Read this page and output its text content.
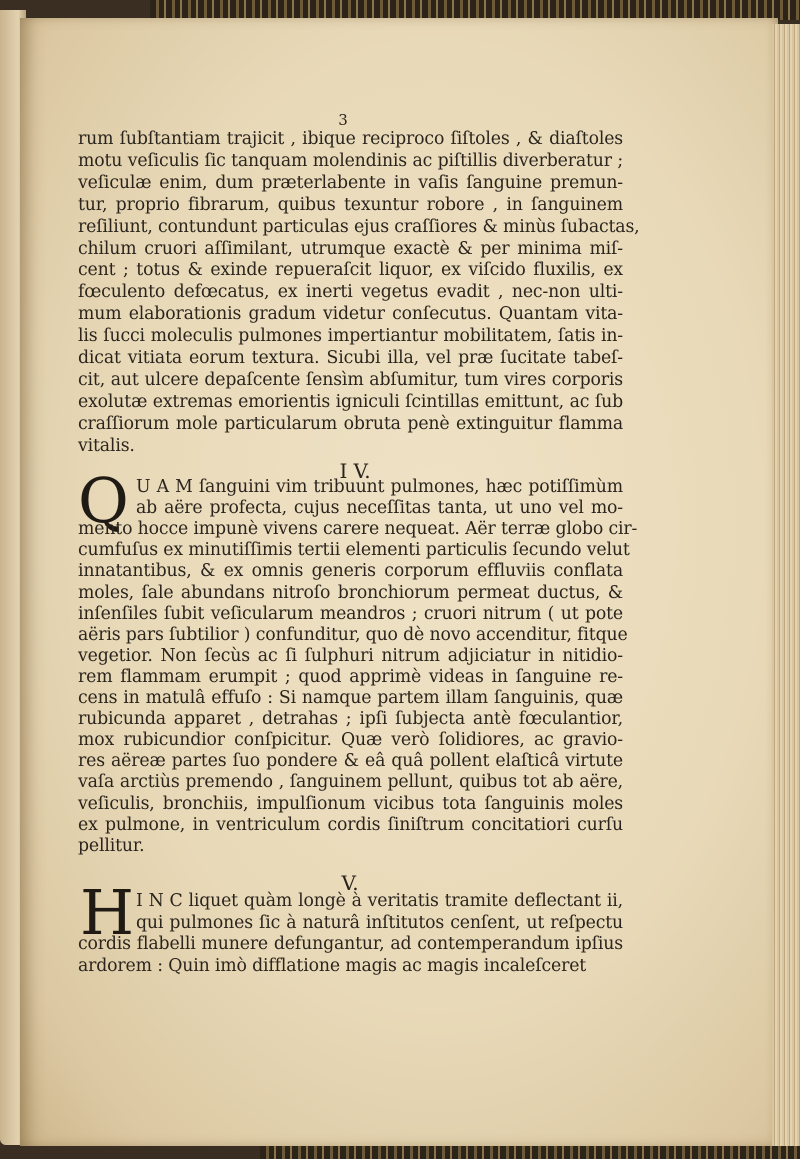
3
rum ſubſtantiam trajicit , ibique reciproco ſiſtoles , & diaſtoles
motu veſiculis ſic tanquam molendinis ac piſtillis diverberatur ;
veſiculæ enim, dum præterlabente in vaſis ſanguine premun-
tur, proprio fibrarum, quibus texuntur robore , in ſanguinem
reſiliunt, contundunt particulas ejus craſſiores & minùs ſubactas,
chilum cruori aſſimilant, utrumque exactè & per minima miſ-
cent ; totus & exinde repueraſcit liquor, ex viſcido fluxilis, ex
fœculento defœcatus, ex inerti vegetus evadit , nec-non ulti-
mum elaborationis gradum videtur conſecutus. Quantam vita-
lis ſucci moleculis pulmones impertiantur mobilitatem, ſatis in-
dicat vitiata eorum textura. Sicubi illa, vel præ ſucitate tabeſ-
cit, aut ulcere depaſcente ſensìm abſumitur, tum vires corporis
exolutæ extremas emorientis igniculi ſcintillas emittunt, ac ſub
craſſiorum mole particularum obruta penè extinguitur flamma
vitalis.
I V.
Q U A M ſanguini vim tribuunt pulmones, hæc potiſſimùm
ab aëre profecta, cujus neceſſitas tanta, ut uno vel mo-
mento hocce impunè vivens carere nequeat. Aër terræ globo cir-
cumfuſus ex minutiſſimis tertii elementi particulis ſecundo velut
innatantibus, & ex omnis generis corporum effluviis conflata
moles, ſale abundans nitroſo bronchiorum permeat ductus, &
inſenſiles ſubit veſicularum meandros ; cruori nitrum ( ut pote
aëris pars ſubtilior ) confunditur, quo dè novo accenditur, fitque
vegetior. Non ſecùs ac ſi ſulphuri nitrum adjiciatur in nitidio-
rem flammam erumpit ; quod apprimè videas in ſanguine re-
cens in matulâ effuſo : Si namque partem illam ſanguinis, quæ
rubicunda apparet , detrahas ; ipſi ſubjecta antè fœculantior,
mox rubicundior conſpicitur. Quæ verò ſolidiores, ac gravio-
res aëreæ partes ſuo pondere & eâ quâ pollent elaſticâ virtute
vaſa arctiùs premendo , ſanguinem pellunt, quibus tot ab aëre,
veſiculis, bronchiis, impulſionum vicibus tota ſanguinis moles
ex pulmone, in ventriculum cordis ſiniſtrum concitatiori curſu
pellitur.
V.
H I N C liquet quàm longè à veritatis tramite deflectant ii,
qui pulmones ſic à naturâ inſtitutos cenſent, ut reſpectu
cordis flabelli munere defungantur, ad contemperandum ipſius
ardorem : Quin imò difflatione magis ac magis incaleſceret
